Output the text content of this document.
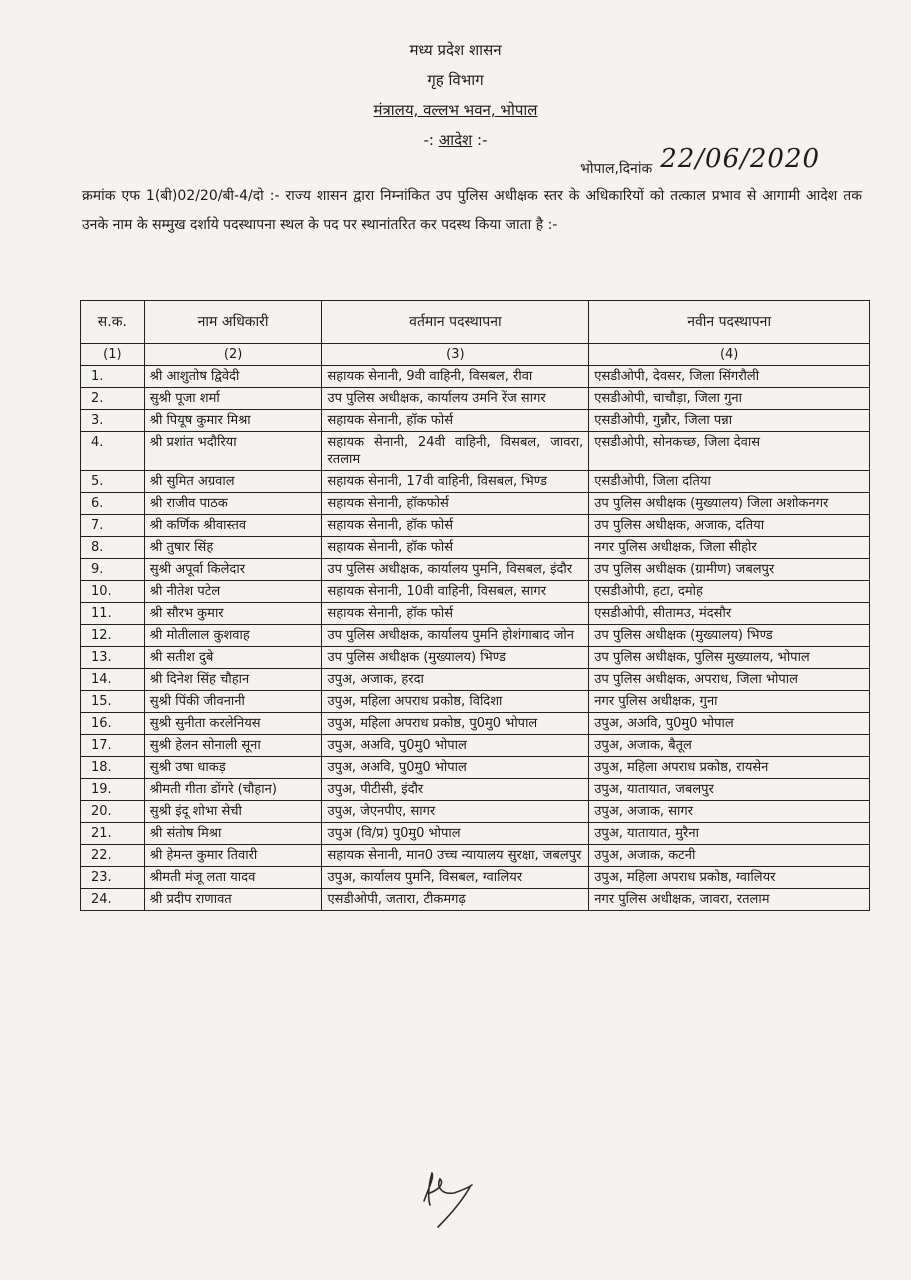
मध्य प्रदेश शासन
गृह विभाग
मंत्रालय, वल्लभ भवन, भोपाल
-: आदेश :-
भोपाल,दिनांक 22/06/2020
क्रमांक एफ 1(बी)02/20/बी-4/दो :- राज्य शासन द्वारा निम्नांकित उप पुलिस अधीक्षक स्तर के अधिकारियों को तत्काल प्रभाव से आगामी आदेश तक उनके नाम के सम्मुख दर्शाये पदस्थापना स्थल के पद पर स्थानांतरित कर पदस्थ किया जाता है :-
स.क.	नाम अधिकारी	वर्तमान पदस्थापना	नवीन पदस्थापना
(1)	(2)	(3)	(4)
1.	श्री आशुतोष द्विवेदी	सहायक सेनानी, 9वी वाहिनी, विसबल, रीवा	एसडीओपी, देवसर, जिला सिंगरौली
2.	सुश्री पूजा शर्मा	उप पुलिस अधीक्षक, कार्यालय उमनि रेंज सागर	एसडीओपी, चाचौड़ा, जिला गुना
3.	श्री पियूष कुमार मिश्रा	सहायक सेनानी, हॉक फोर्स	एसडीओपी, गुन्नौर, जिला पन्ना
4.	श्री प्रशांत भदौरिया	सहायक सेनानी, 24वी वाहिनी, विसबल, जावरा, रतलाम	एसडीओपी, सोनकच्छ, जिला देवास
5.	श्री सुमित अग्रवाल	सहायक सेनानी, 17वी वाहिनी, विसबल, भिण्ड	एसडीओपी, जिला दतिया
6.	श्री राजीव पाठक	सहायक सेनानी, हॉकफोर्स	उप पुलिस अधीक्षक (मुख्यालय) जिला अशोकनगर
7.	श्री कर्णिक श्रीवास्तव	सहायक सेनानी, हॉक फोर्स	उप पुलिस अधीक्षक, अजाक, दतिया
8.	श्री तुषार सिंह	सहायक सेनानी, हॉक फोर्स	नगर पुलिस अधीक्षक, जिला सीहोर
9.	सुश्री अपूर्वा किलेदार	उप पुलिस अधीक्षक, कार्यालय पुमनि, विसबल, इंदौर	उप पुलिस अधीक्षक (ग्रामीण) जबलपुर
10.	श्री नीतेश पटेल	सहायक सेनानी, 10वी वाहिनी, विसबल, सागर	एसडीओपी, हटा, दमोह
11.	श्री सौरभ कुमार	सहायक सेनानी, हॉक फोर्स	एसडीओपी, सीतामउ, मंदसौर
12.	श्री मोतीलाल कुशवाह	उप पुलिस अधीक्षक, कार्यालय पुमनि होशंगाबाद जोन	उप पुलिस अधीक्षक (मुख्यालय) भिण्ड
13.	श्री सतीश दुबे	उप पुलिस अधीक्षक (मुख्यालय) भिण्ड	उप पुलिस अधीक्षक, पुलिस मुख्यालय, भोपाल
14.	श्री दिनेश सिंह चौहान	उपुअ, अजाक, हरदा	उप पुलिस अधीक्षक, अपराध, जिला भोपाल
15.	सुश्री पिंकी जीवनानी	उपुअ, महिला अपराध प्रकोष्ठ, विदिशा	नगर पुलिस अधीक्षक, गुना
16.	सुश्री सुनीता करलेनियस	उपुअ, महिला अपराध प्रकोष्ठ, पु0मु0 भोपाल	उपुअ, अअवि, पु0मु0 भोपाल
17.	सुश्री हेलन सोनाली सूना	उपुअ, अअवि, पु0मु0 भोपाल	उपुअ, अजाक, बैतूल
18.	सुश्री उषा धाकड़	उपुअ, अअवि, पु0मु0 भोपाल	उपुअ, महिला अपराध प्रकोष्ठ, रायसेन
19.	श्रीमती गीता डोंगरे (चौहान)	उपुअ, पीटीसी, इंदौर	उपुअ, यातायात, जबलपुर
20.	सुश्री इंदू शोभा सेची	उपुअ, जेएनपीए, सागर	उपुअ, अजाक, सागर
21.	श्री संतोष मिश्रा	उपुअ (वि/प्र) पु0मु0 भोपाल	उपुअ, यातायात, मुरैना
22.	श्री हेमन्त कुमार तिवारी	सहायक सेनानी, मान0 उच्च न्यायालय सुरक्षा, जबलपुर	उपुअ, अजाक, कटनी
23.	श्रीमती मंजू लता यादव	उपुअ, कार्यालय पुमनि, विसबल, ग्वालियर	उपुअ, महिला अपराध प्रकोष्ठ, ग्वालियर
24.	श्री प्रदीप राणावत	एसडीओपी, जतारा, टीकमगढ़	नगर पुलिस अधीक्षक, जावरा, रतलाम
